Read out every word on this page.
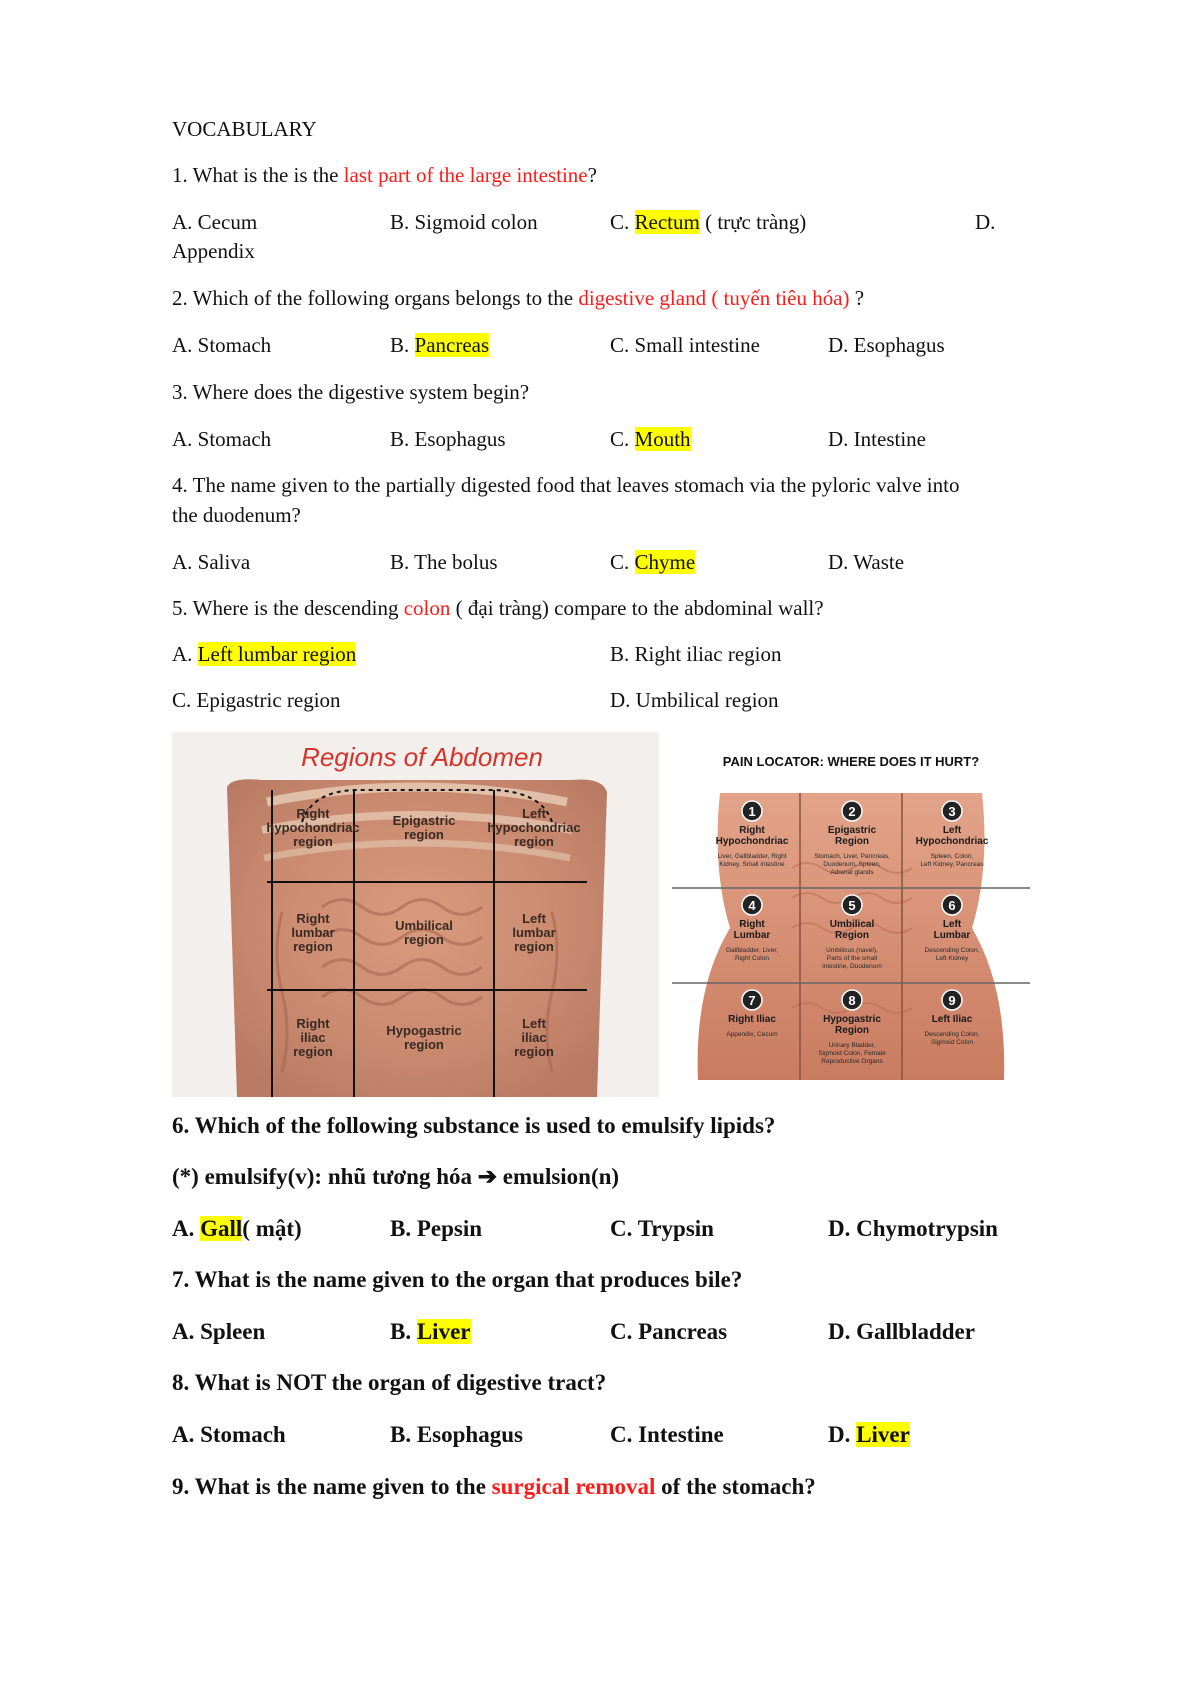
VOCABULARY
1. What is the is the last part of the large intestine?
A. Cecum	B. Sigmoid colon	C. Rectum ( trực tràng)	D.
Appendix
2. Which of the following organs belongs to the digestive gland ( tuyến tiêu hóa) ?
A. Stomach	B. Pancreas	C. Small intestine	D. Esophagus
3. Where does the digestive system begin?
A. Stomach	B. Esophagus	C. Mouth	D. Intestine
4. The name given to the partially digested food that leaves stomach via the pyloric valve into
the duodenum?
A. Saliva	B. The bolus	C. Chyme	D. Waste
5. Where is the descending colon ( đại tràng) compare to the abdominal wall?
A. Left lumbar region	B. Right iliac region
C. Epigastric region	D. Umbilical region
Regions of Abdomen
Right hypochondriac region
Epigastric region
Left hypochondriac region
Right lumbar region
Umbilical region
Left lumbar region
Right iliac region
Hypogastric region
Left iliac region
PAIN LOCATOR: WHERE DOES IT HURT?
1
Right
Hypochondriac
Liver, Gallbladder, Right
Kidney, Small intestine
2
Epigastric
Region
Stomach, Liver, Pancreas,
Duodenum, Spleen,
Adrenal glands
3
Left
Hypochondriac
Spleen, Colon,
Left Kidney, Pancreas
4
Right
Lumbar
Gallbladder, Liver,
Right Colon
5
Umbilical
Region
Umbilicus (navel),
Parts of the small
intestine, Duodenum
6
Left
Lumbar
Descending Colon,
Left Kidney
7
Right Iliac
Appendix, Cecum
8
Hypogastric
Region
Urinary Bladder,
Sigmoid Colon, Female
Reproductive Organs
9
Left Iliac
Descending Colon,
Sigmoid Colon
6. Which of the following substance is used to emulsify lipids?
(*) emulsify(v): nhũ tương hóa ➔ emulsion(n)
A. Gall( mật)	B. Pepsin	C. Trypsin	D. Chymotrypsin
7. What is the name given to the organ that produces bile?
A. Spleen	B. Liver	C. Pancreas	D. Gallbladder
8. What is NOT the organ of digestive tract?
A. Stomach	B. Esophagus	C. Intestine	D. Liver
9. What is the name given to the surgical removal of the stomach?
